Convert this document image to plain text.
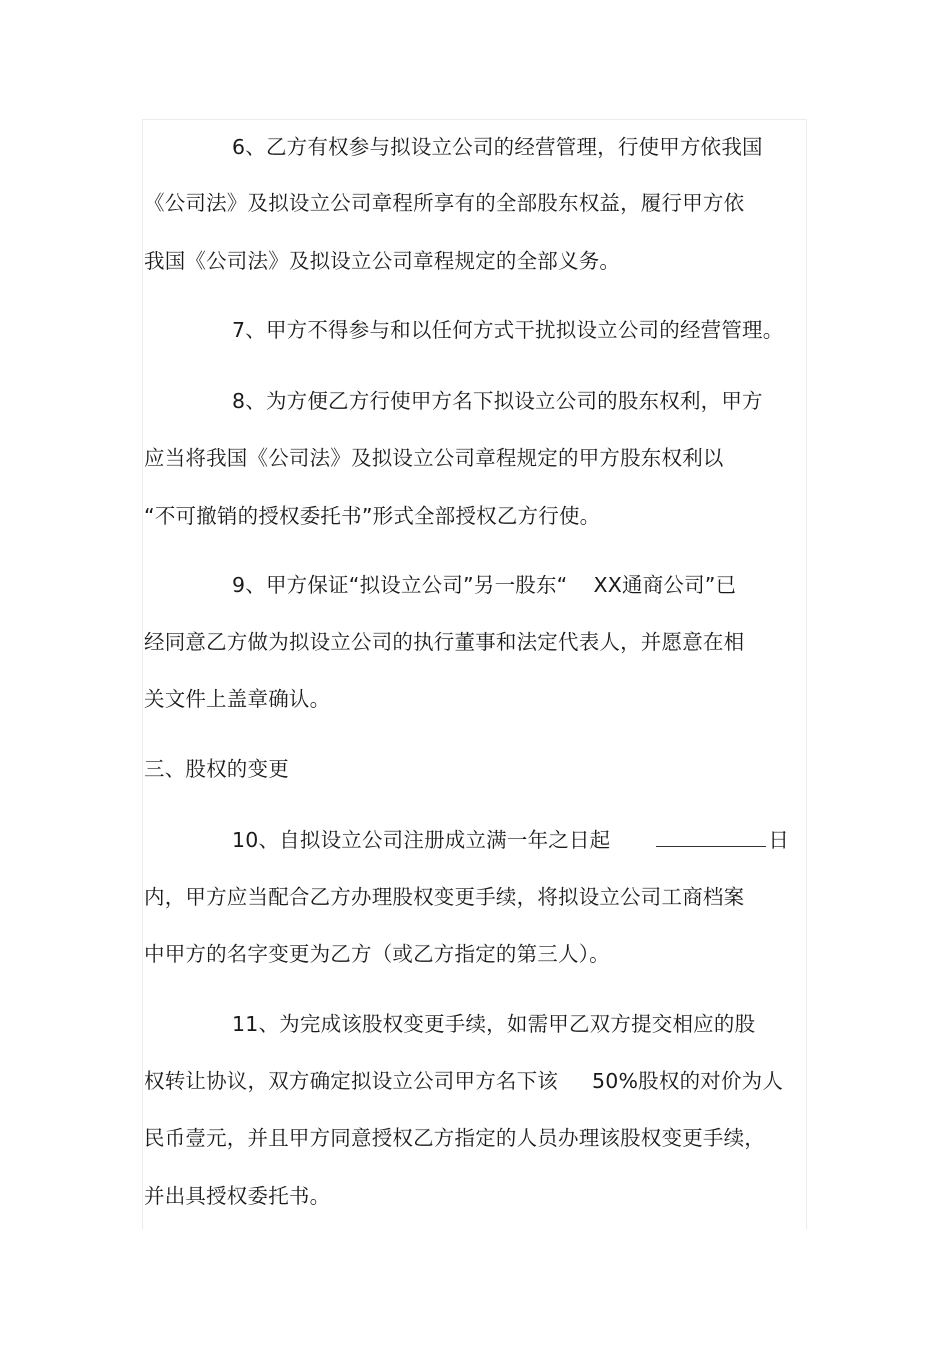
6、乙方有权参与拟设立公司的经营管理，行使甲方依我国
《公司法》及拟设立公司章程所享有的全部股东权益，履行甲方依
我国《公司法》及拟设立公司章程规定的全部义务。
7、甲方不得参与和以任何方式干扰拟设立公司的经营管理。
8、为方便乙方行使甲方名下拟设立公司的股东权利，甲方
应当将我国《公司法》及拟设立公司章程规定的甲方股东权利以
“不可撤销的授权委托书”形式全部授权乙方行使。
9、甲方保证“拟设立公司”另一股东“ XX通商公司”已
经同意乙方做为拟设立公司的执行董事和法定代表人，并愿意在相
关文件上盖章确认。
三、股权的变更
10、自拟设立公司注册成立满一年之日起	日
内，甲方应当配合乙方办理股权变更手续，将拟设立公司工商档案
中甲方的名字变更为乙方（或乙方指定的第三人）。
11、为完成该股权变更手续，如需甲乙双方提交相应的股
权转让协议，双方确定拟设立公司甲方名下该 50%股权的对价为人
民币壹元，并且甲方同意授权乙方指定的人员办理该股权变更手续，
并出具授权委托书。
